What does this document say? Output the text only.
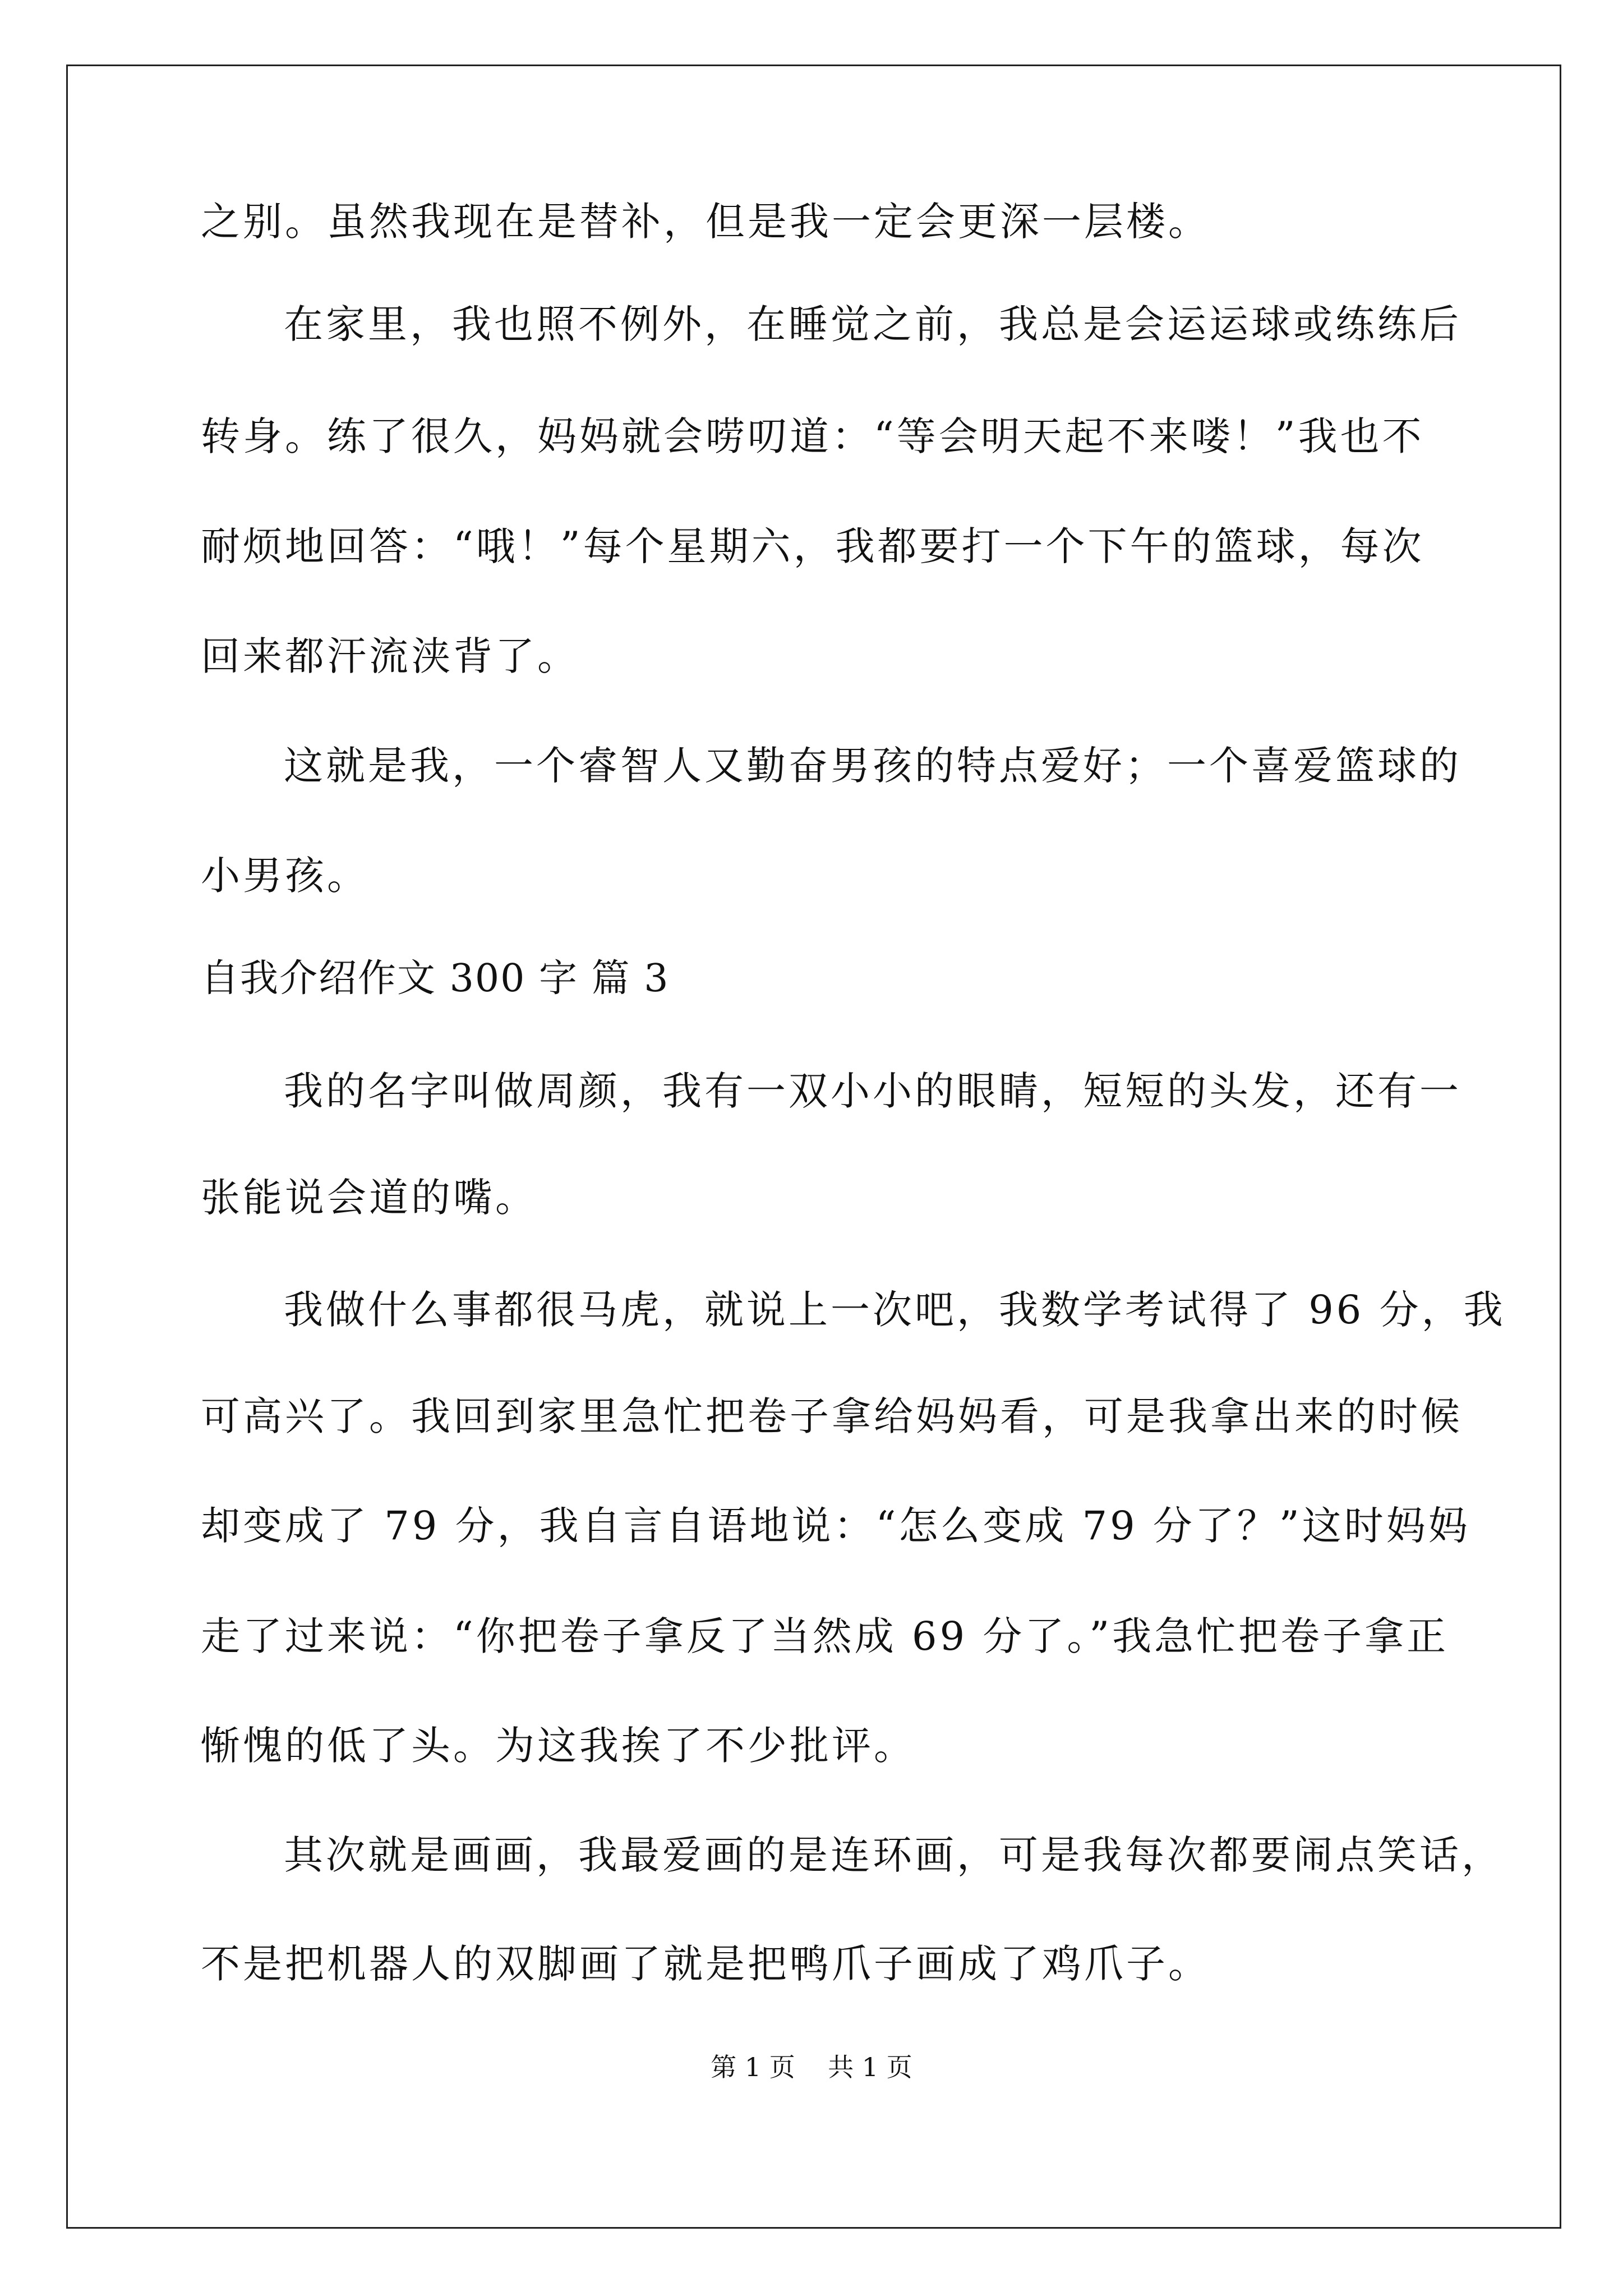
之别。虽然我现在是替补，但是我一定会更深一层楼。
在家里，我也照不例外，在睡觉之前，我总是会运运球或练练后
转身。练了很久，妈妈就会唠叨道：“等会明天起不来喽！”我也不
耐烦地回答：“哦！”每个星期六，我都要打一个下午的篮球，每次
回来都汗流浃背了。
这就是我，一个睿智人又勤奋男孩的特点爱好；一个喜爱篮球的
小男孩。
自我介绍作文 300 字 篇 3
我的名字叫做周颜，我有一双小小的眼睛，短短的头发，还有一
张能说会道的嘴。
我做什么事都很马虎，就说上一次吧，我数学考试得了 96 分，我
可高兴了。我回到家里急忙把卷子拿给妈妈看，可是我拿出来的时候
却变成了 79 分，我自言自语地说：“怎么变成 79 分了？”这时妈妈
走了过来说：“你把卷子拿反了当然成 69 分了。”我急忙把卷子拿正
惭愧的低了头。为这我挨了不少批评。
其次就是画画，我最爱画的是连环画，可是我每次都要闹点笑话，
不是把机器人的双脚画了就是把鸭爪子画成了鸡爪子。
第 1 页    共 1 页
